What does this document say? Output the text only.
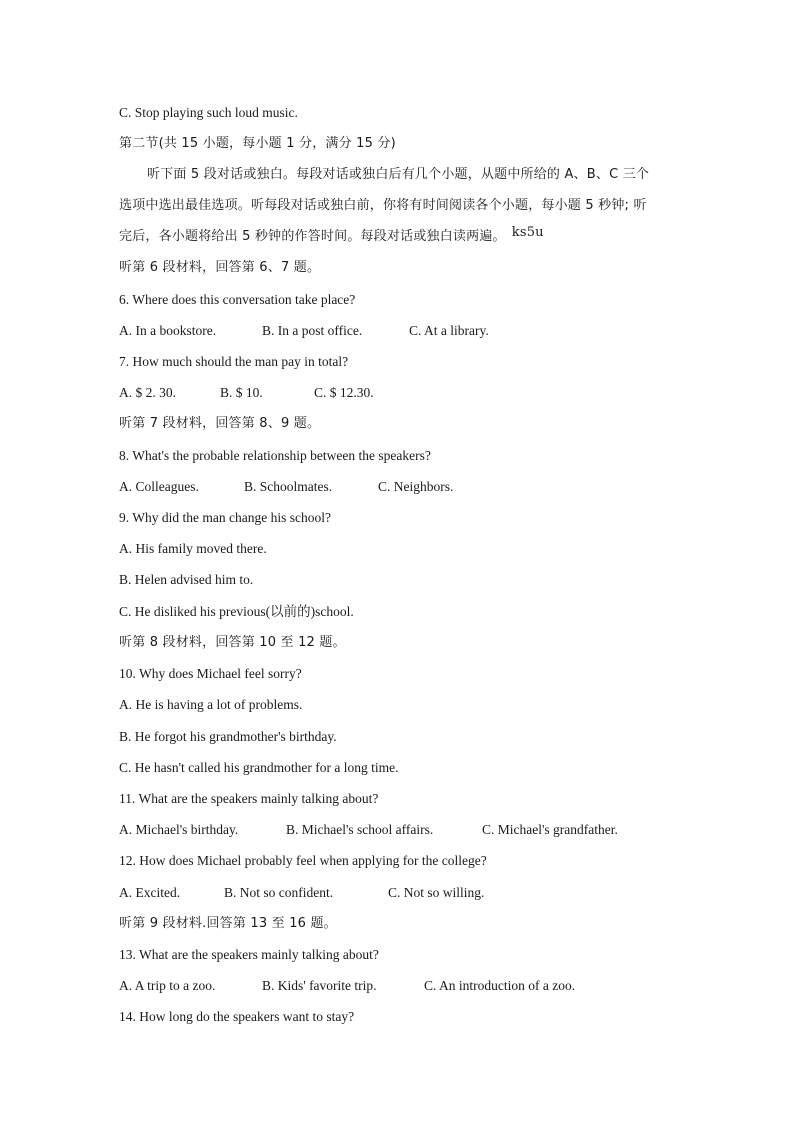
C. Stop playing such loud music.
第二节(共 15 小题，每小题 1 分，满分 15 分)
听下面 5 段对话或独白。每段对话或独白后有几个小题，从题中所给的 A、B、C 三个
选项中选出最佳选项。听每段对话或独白前，你将有时间阅读各个小题，每小题 5 秒钟; 听
完后，各小题将给出 5 秒钟的作答时间。每段对话或独白读两遍。 ks5u
听第 6 段材料，回答第 6、7 题。
6. Where does this conversation take place?
A. In a bookstore.	B. In a post office.	C. At a library.
7. How much should the man pay in total?
A. $ 2. 30.	B. $ 10.	C. $ 12.30.
听第 7 段材料，回答第 8、9 题。
8. What's the probable relationship between the speakers?
A. Colleagues.	B. Schoolmates.	C. Neighbors.
9. Why did the man change his school?
A. His family moved there.
B. Helen advised him to.
C. He disliked his previous(以前的)school.
听第 8 段材料，回答第 10 至 12 题。
10. Why does Michael feel sorry?
A. He is having a lot of problems.
B. He forgot his grandmother's birthday.
C. He hasn't called his grandmother for a long time.
11. What are the speakers mainly talking about?
A. Michael's birthday.	B. Michael's school affairs.	C. Michael's grandfather.
12. How does Michael probably feel when applying for the college?
A. Excited.	B. Not so confident.	C. Not so willing.
听第 9 段材料.回答第 13 至 16 题。
13. What are the speakers mainly talking about?
A. A trip to a zoo.	B. Kids' favorite trip.	C. An introduction of a zoo.
14. How long do the speakers want to stay?
